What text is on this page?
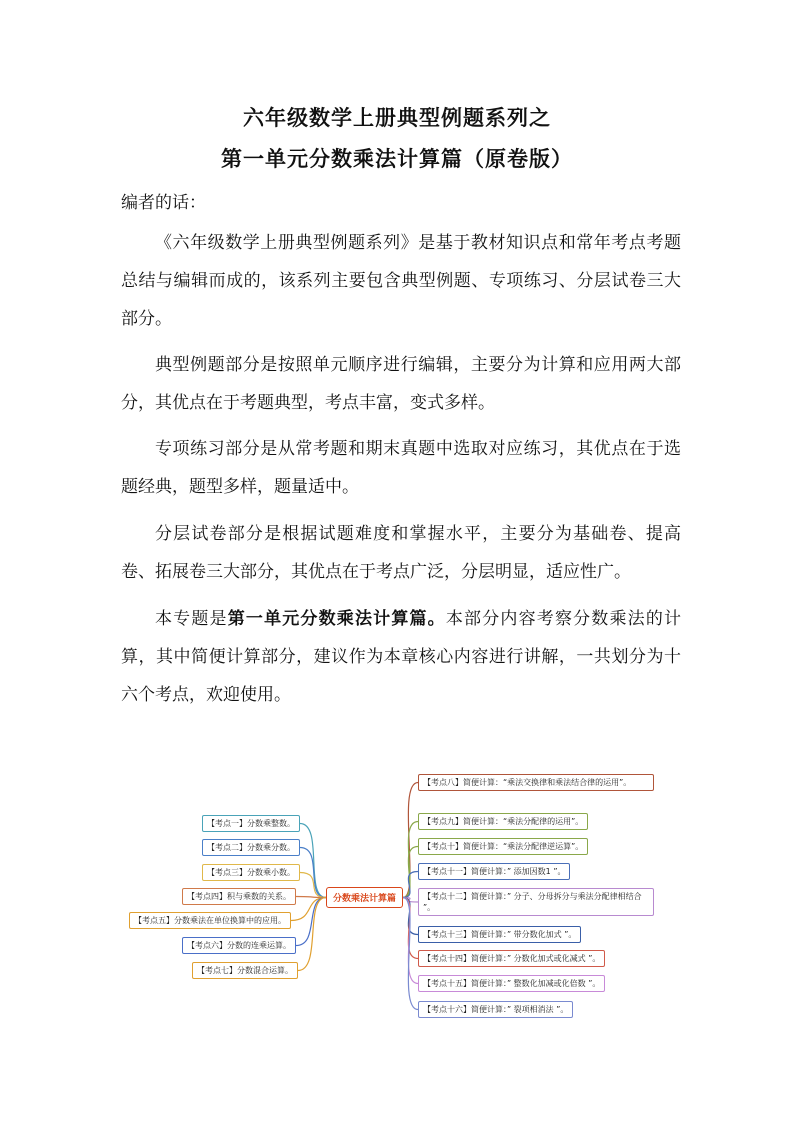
六年级数学上册典型例题系列之
第一单元分数乘法计算篇（原卷版）
编者的话：
《六年级数学上册典型例题系列》是基于教材知识点和常年考点考题总结与编辑而成的，该系列主要包含典型例题、专项练习、分层试卷三大部分。
典型例题部分是按照单元顺序进行编辑，主要分为计算和应用两大部分，其优点在于考题典型，考点丰富，变式多样。
专项练习部分是从常考题和期末真题中选取对应练习，其优点在于选题经典，题型多样，题量适中。
分层试卷部分是根据试题难度和掌握水平，主要分为基础卷、提高卷、拓展卷三大部分，其优点在于考点广泛，分层明显，适应性广。
本专题是第一单元分数乘法计算篇。本部分内容考察分数乘法的计算，其中简便计算部分，建议作为本章核心内容进行讲解，一共划分为十六个考点，欢迎使用。
分数乘法计算篇
【考点一】分数乘整数。
【考点二】分数乘分数。
【考点三】分数乘小数。
【考点四】积与乘数的关系。
【考点五】分数乘法在单位换算中的应用。
【考点六】分数的连乘运算。
【考点七】分数混合运算。
【考点八】简便计算：“乘法交换律和乘法结合律的运用”。
【考点九】简便计算：“乘法分配律的运用”。
【考点十】简便计算：“乘法分配律逆运算”。
【考点十一】简便计算：” 添加因数1 ”。
【考点十二】简便计算：” 分子、分母拆分与乘法分配律相结合 ”。
【考点十三】简便计算：” 带分数化加式 ”。
【考点十四】简便计算：” 分数化加式或化减式 ”。
【考点十五】简便计算：” 整数化加减或化倍数 ”。
【考点十六】简便计算：” 裂项相消法 ”。
